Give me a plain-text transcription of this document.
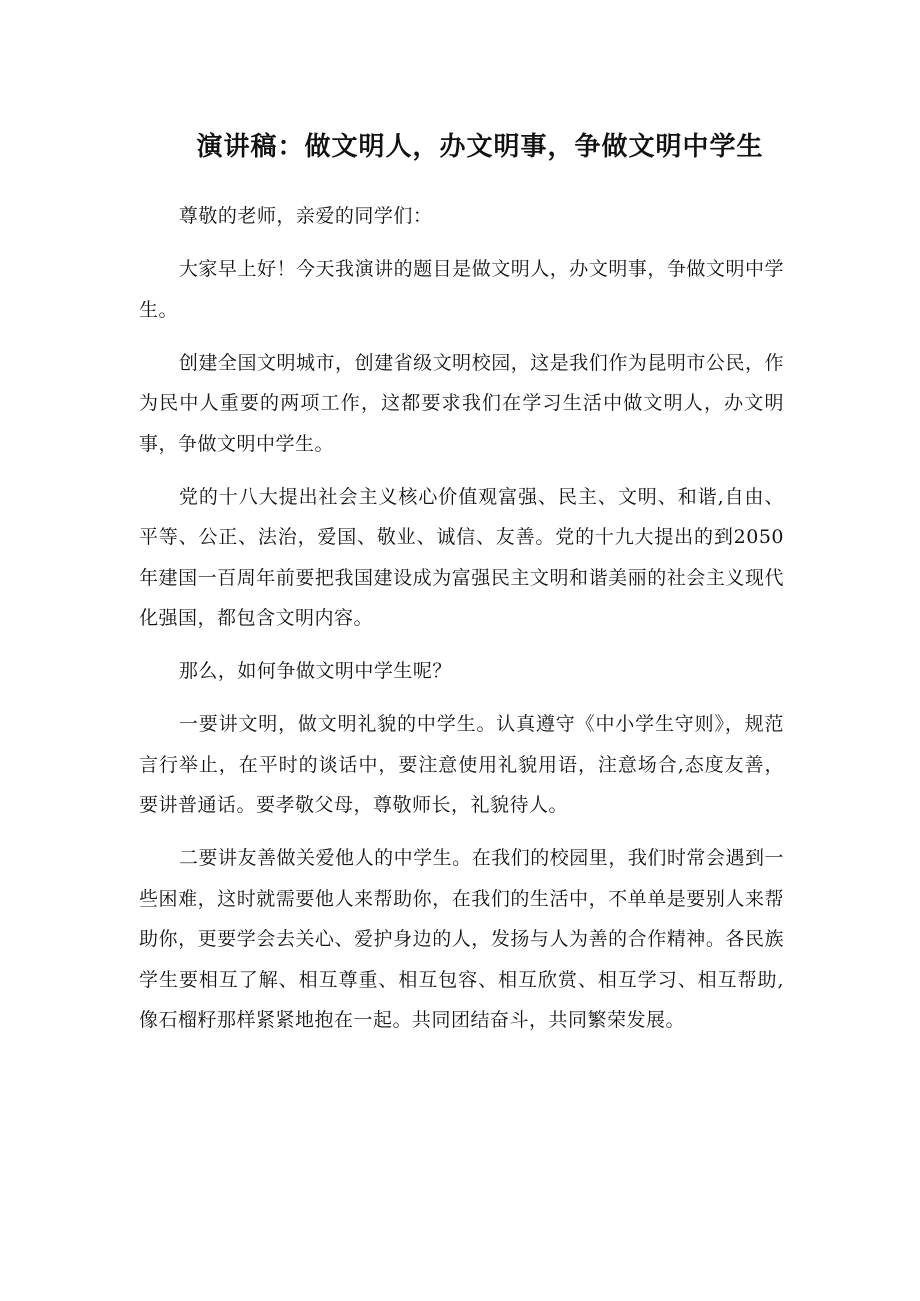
演讲稿：做文明人，办文明事，争做文明中学生

尊敬的老师，亲爱的同学们：

大家早上好！今天我演讲的题目是做文明人，办文明事，争做文明中学生。

创建全国文明城市，创建省级文明校园，这是我们作为昆明市公民，作为民中人重要的两项工作，这都要求我们在学习生活中做文明人，办文明事，争做文明中学生。

党的十八大提出社会主义核心价值观富强、民主、文明、和谐,自由、平等、公正、法治，爱国、敬业、诚信、友善。党的十九大提出的到2050年建国一百周年前要把我国建设成为富强民主文明和谐美丽的社会主义现代化强国，都包含文明内容。

那么，如何争做文明中学生呢？

一要讲文明，做文明礼貌的中学生。认真遵守《中小学生守则》，规范言行举止，在平时的谈话中，要注意使用礼貌用语，注意场合,态度友善，要讲普通话。要孝敬父母，尊敬师长，礼貌待人。

二要讲友善做关爱他人的中学生。在我们的校园里，我们时常会遇到一些困难，这时就需要他人来帮助你，在我们的生活中，不单单是要别人来帮助你，更要学会去关心、爱护身边的人，发扬与人为善的合作精神。各民族学生要相互了解、相互尊重、相互包容、相互欣赏、相互学习、相互帮助,像石榴籽那样紧紧地抱在一起。共同团结奋斗，共同繁荣发展。
